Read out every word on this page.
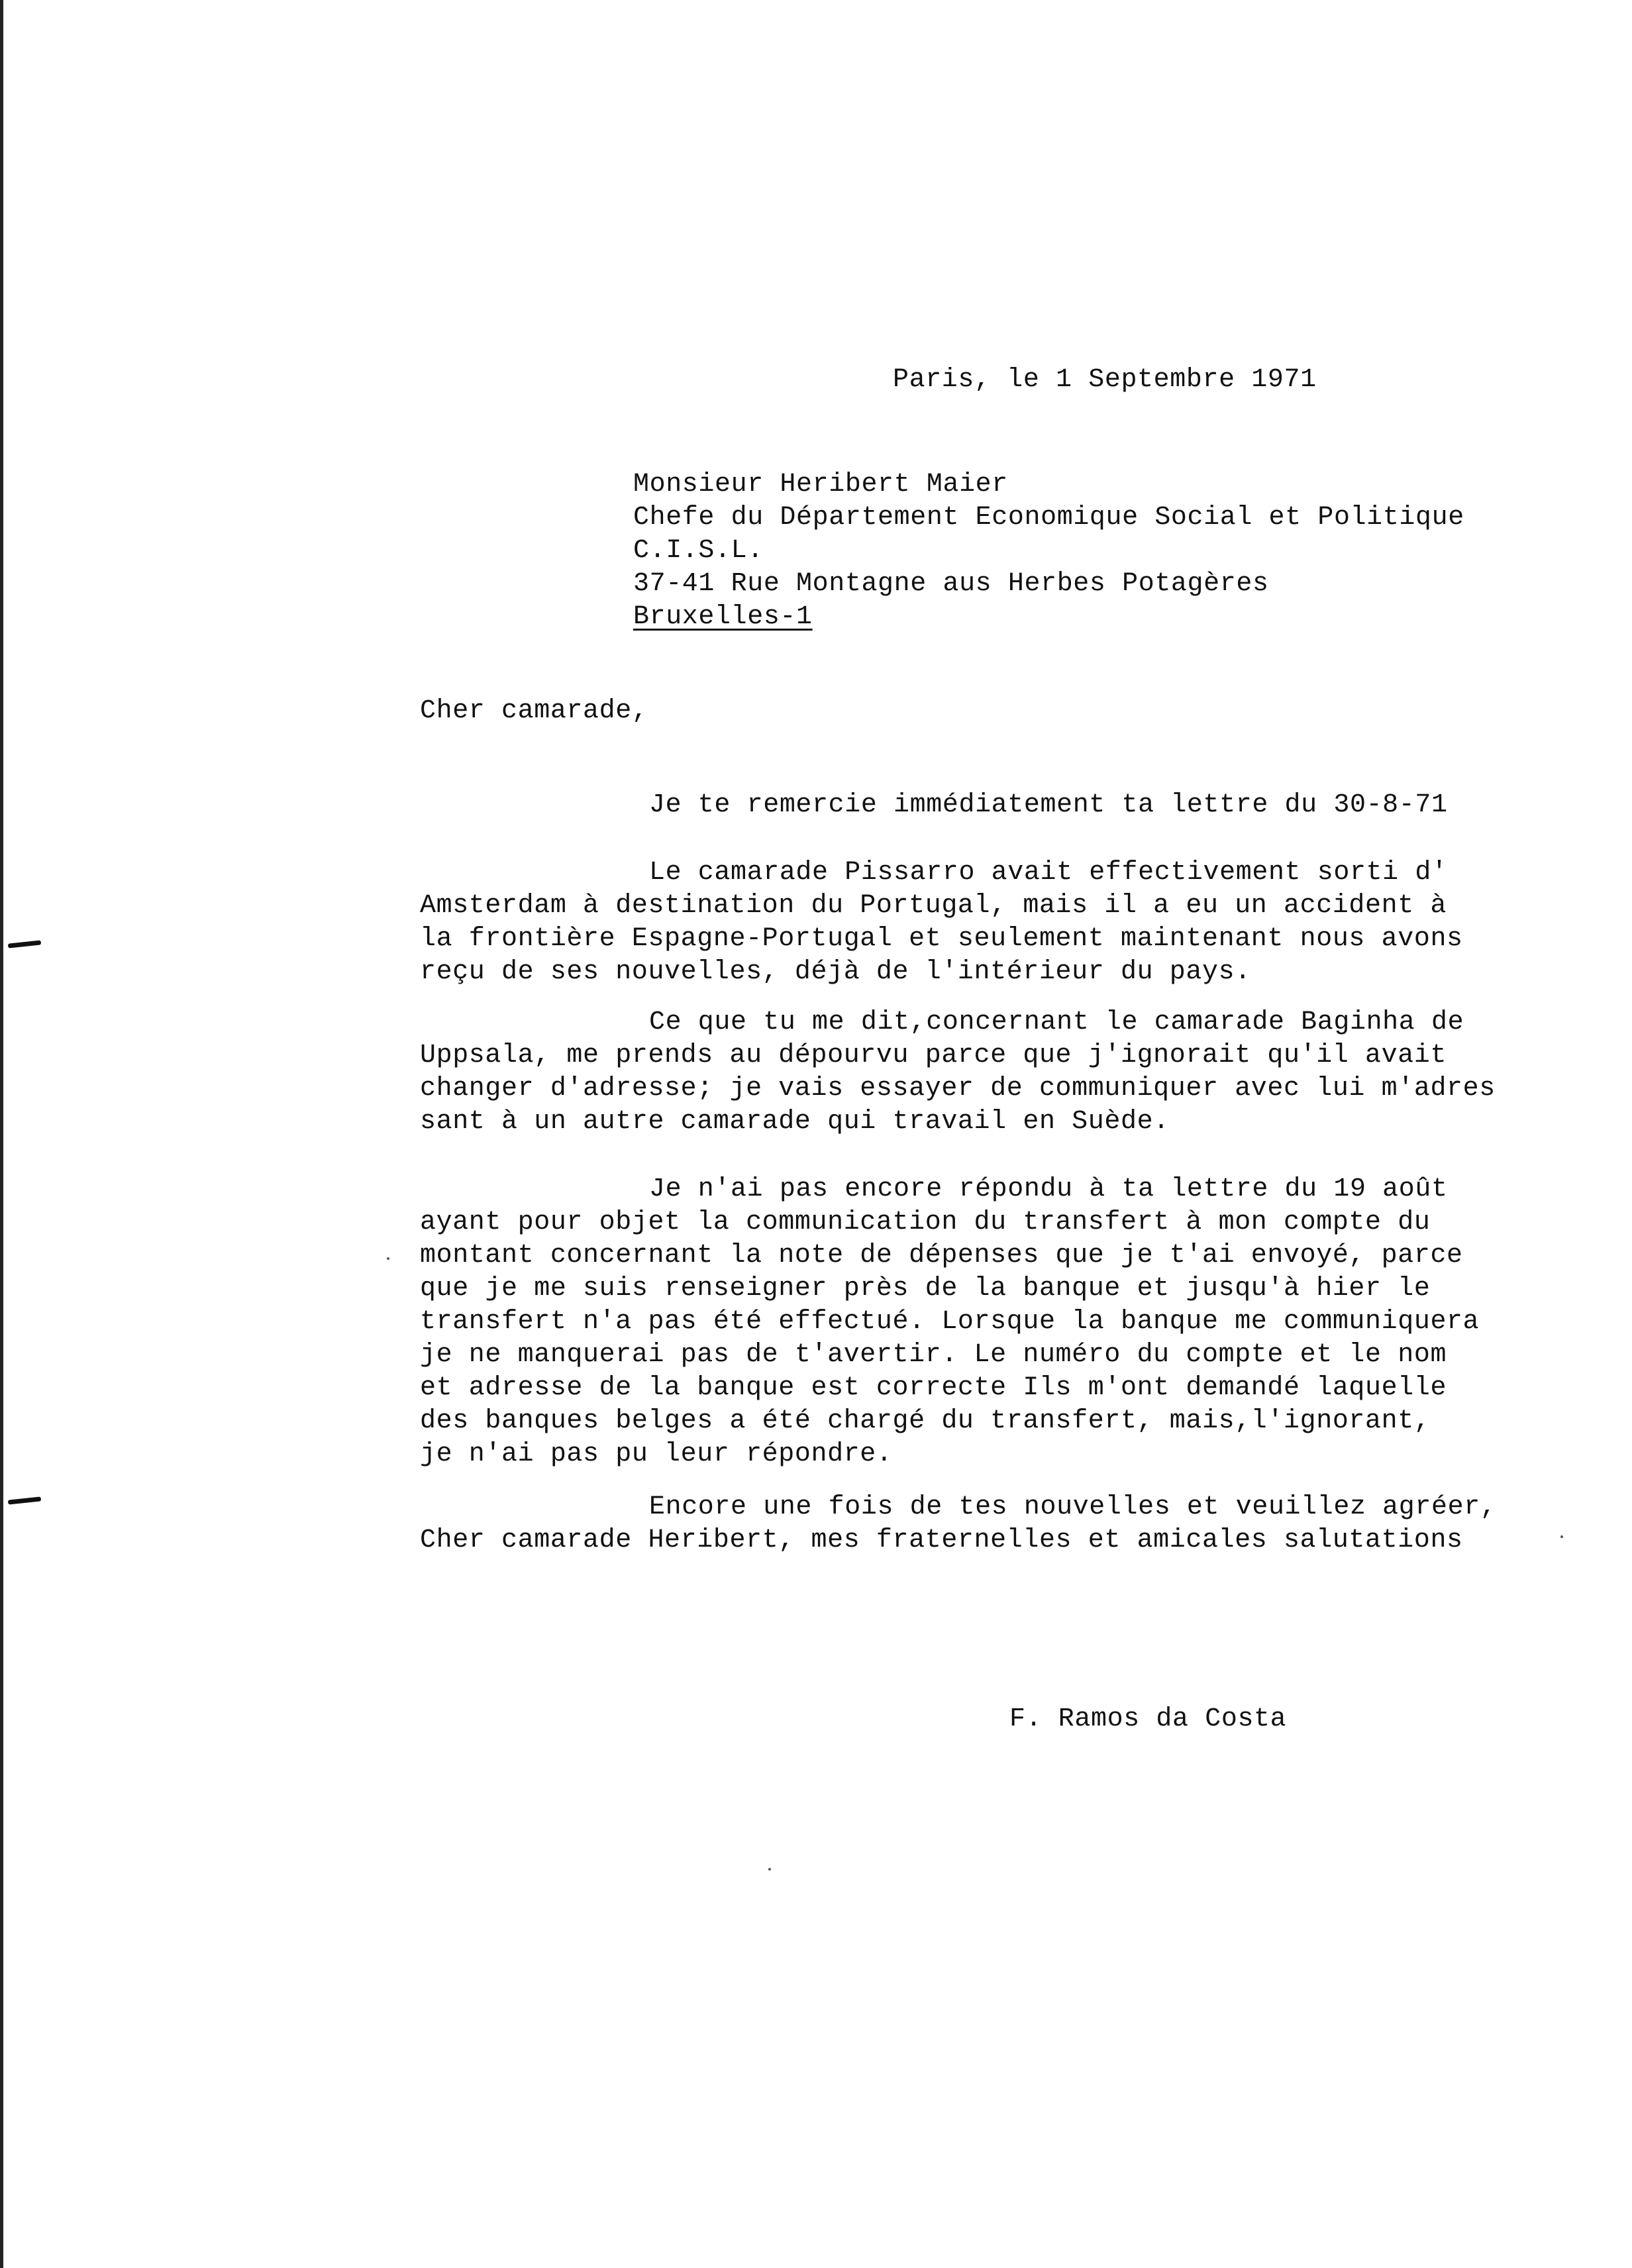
Paris, le 1 Septembre 1971
Monsieur Heribert Maier
Chefe du Département Economique Social et Politique
C.I.S.L.
37-41 Rue Montagne aus Herbes Potagères
Bruxelles-1
Cher camarade,
Je te remercie immédiatement ta lettre du 30-8-71
Le camarade Pissarro avait effectivement sorti d'
Amsterdam à destination du Portugal, mais il a eu un accident à
la frontière Espagne-Portugal et seulement maintenant nous avons
reçu de ses nouvelles, déjà de l'intérieur du pays.
Ce que tu me dit,concernant le camarade Baginha de
Uppsala, me prends au dépourvu parce que j'ignorait qu'il avait
changer d'adresse; je vais essayer de communiquer avec lui m'adres
sant à un autre camarade qui travail en Suède.
Je n'ai pas encore répondu à ta lettre du 19 août
ayant pour objet la communication du transfert à mon compte du
montant concernant la note de dépenses que je t'ai envoyé, parce
que je me suis renseigner près de la banque et jusqu'à hier le
transfert n'a pas été effectué. Lorsque la banque me communiquera
je ne manquerai pas de t'avertir. Le numéro du compte et le nom
et adresse de la banque est correcte Ils m'ont demandé laquelle
des banques belges a été chargé du transfert, mais,l'ignorant,
je n'ai pas pu leur répondre.
Encore une fois de tes nouvelles et veuillez agréer,
Cher camarade Heribert, mes fraternelles et amicales salutations
F. Ramos da Costa
